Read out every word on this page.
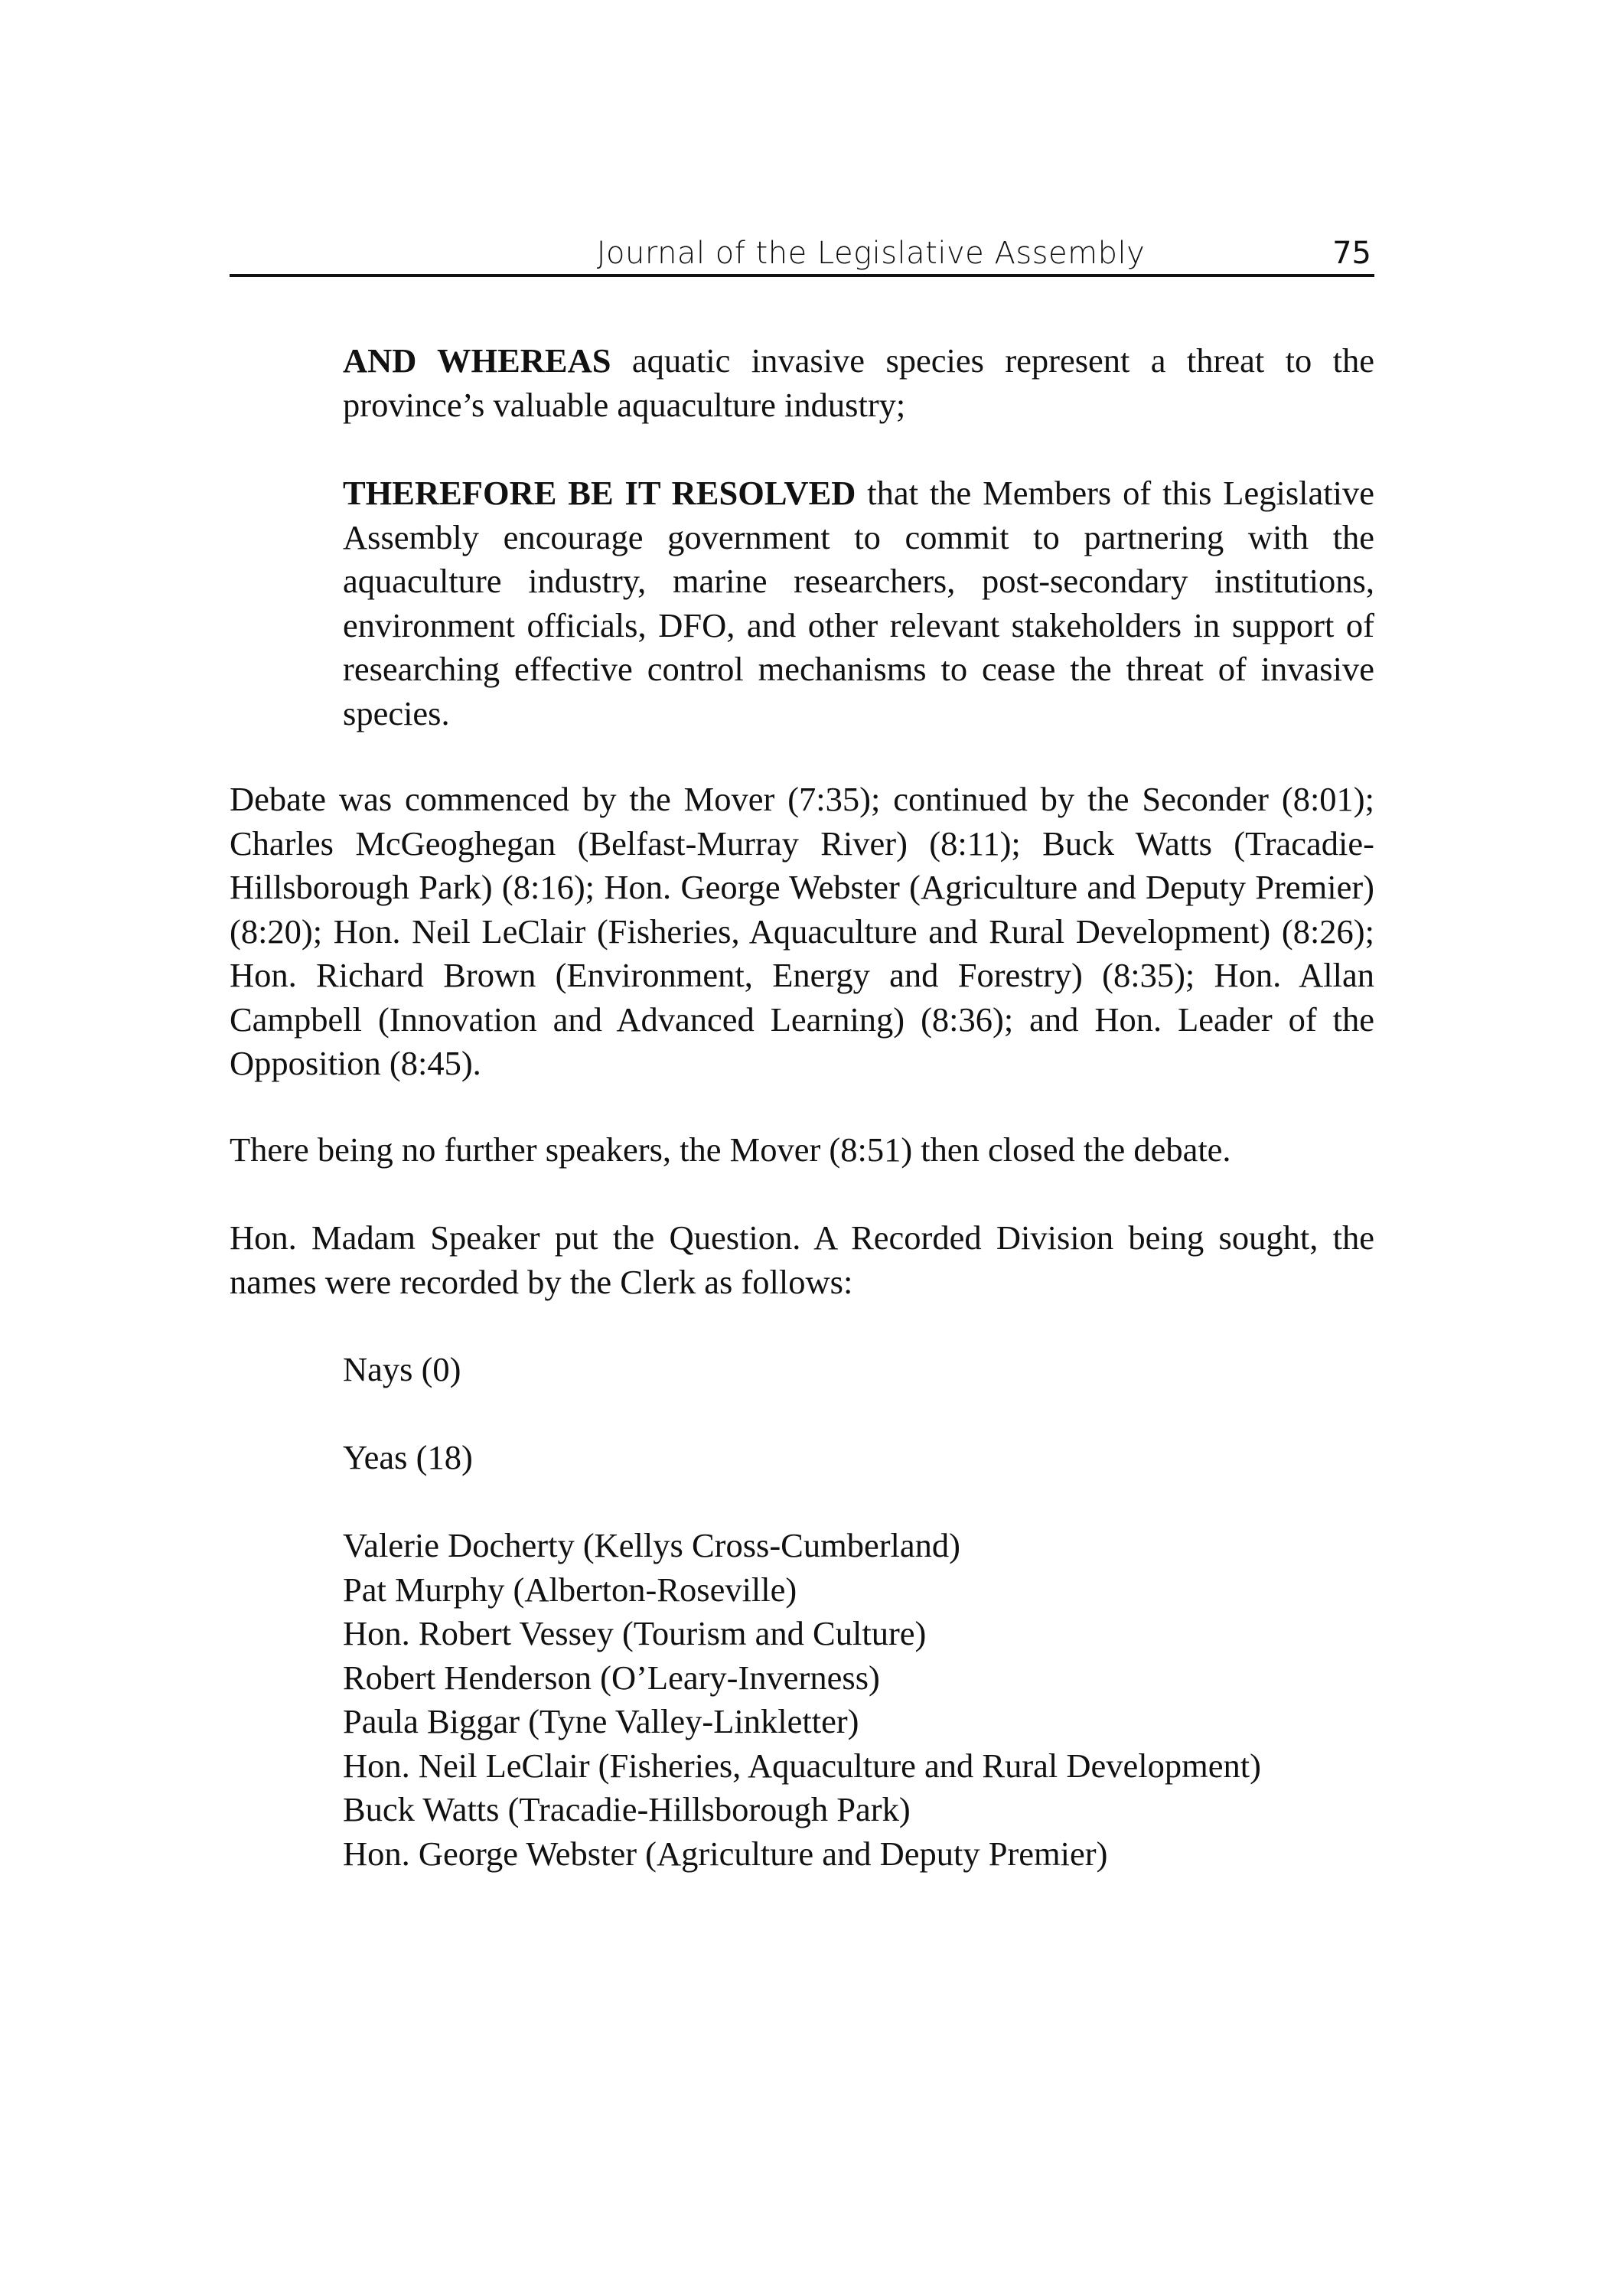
Journal of the Legislative Assembly	75

AND WHEREAS aquatic invasive species represent a threat to the province’s valuable aquaculture industry;

THEREFORE BE IT RESOLVED that the Members of this Legislative Assembly encourage government to commit to partnering with the aquaculture industry, marine researchers, post-secondary institutions, environment officials, DFO, and other relevant stakeholders in support of researching effective control mechanisms to cease the threat of invasive species.

Debate was commenced by the Mover (7:35); continued by the Seconder (8:01); Charles McGeoghegan (Belfast-Murray River) (8:11); Buck Watts (Tracadie-Hillsborough Park) (8:16); Hon. George Webster (Agriculture and Deputy Premier) (8:20); Hon. Neil LeClair (Fisheries, Aquaculture and Rural Development) (8:26); Hon. Richard Brown (Environment, Energy and Forestry) (8:35); Hon. Allan Campbell (Innovation and Advanced Learning) (8:36); and Hon. Leader of the Opposition (8:45).

There being no further speakers, the Mover (8:51) then closed the debate.

Hon. Madam Speaker put the Question. A Recorded Division being sought, the names were recorded by the Clerk as follows:

Nays (0)

Yeas (18)

Valerie Docherty (Kellys Cross-Cumberland)
Pat Murphy (Alberton-Roseville)
Hon. Robert Vessey (Tourism and Culture)
Robert Henderson (O’Leary-Inverness)
Paula Biggar (Tyne Valley-Linkletter)
Hon. Neil LeClair (Fisheries, Aquaculture and Rural Development)
Buck Watts (Tracadie-Hillsborough Park)
Hon. George Webster (Agriculture and Deputy Premier)
